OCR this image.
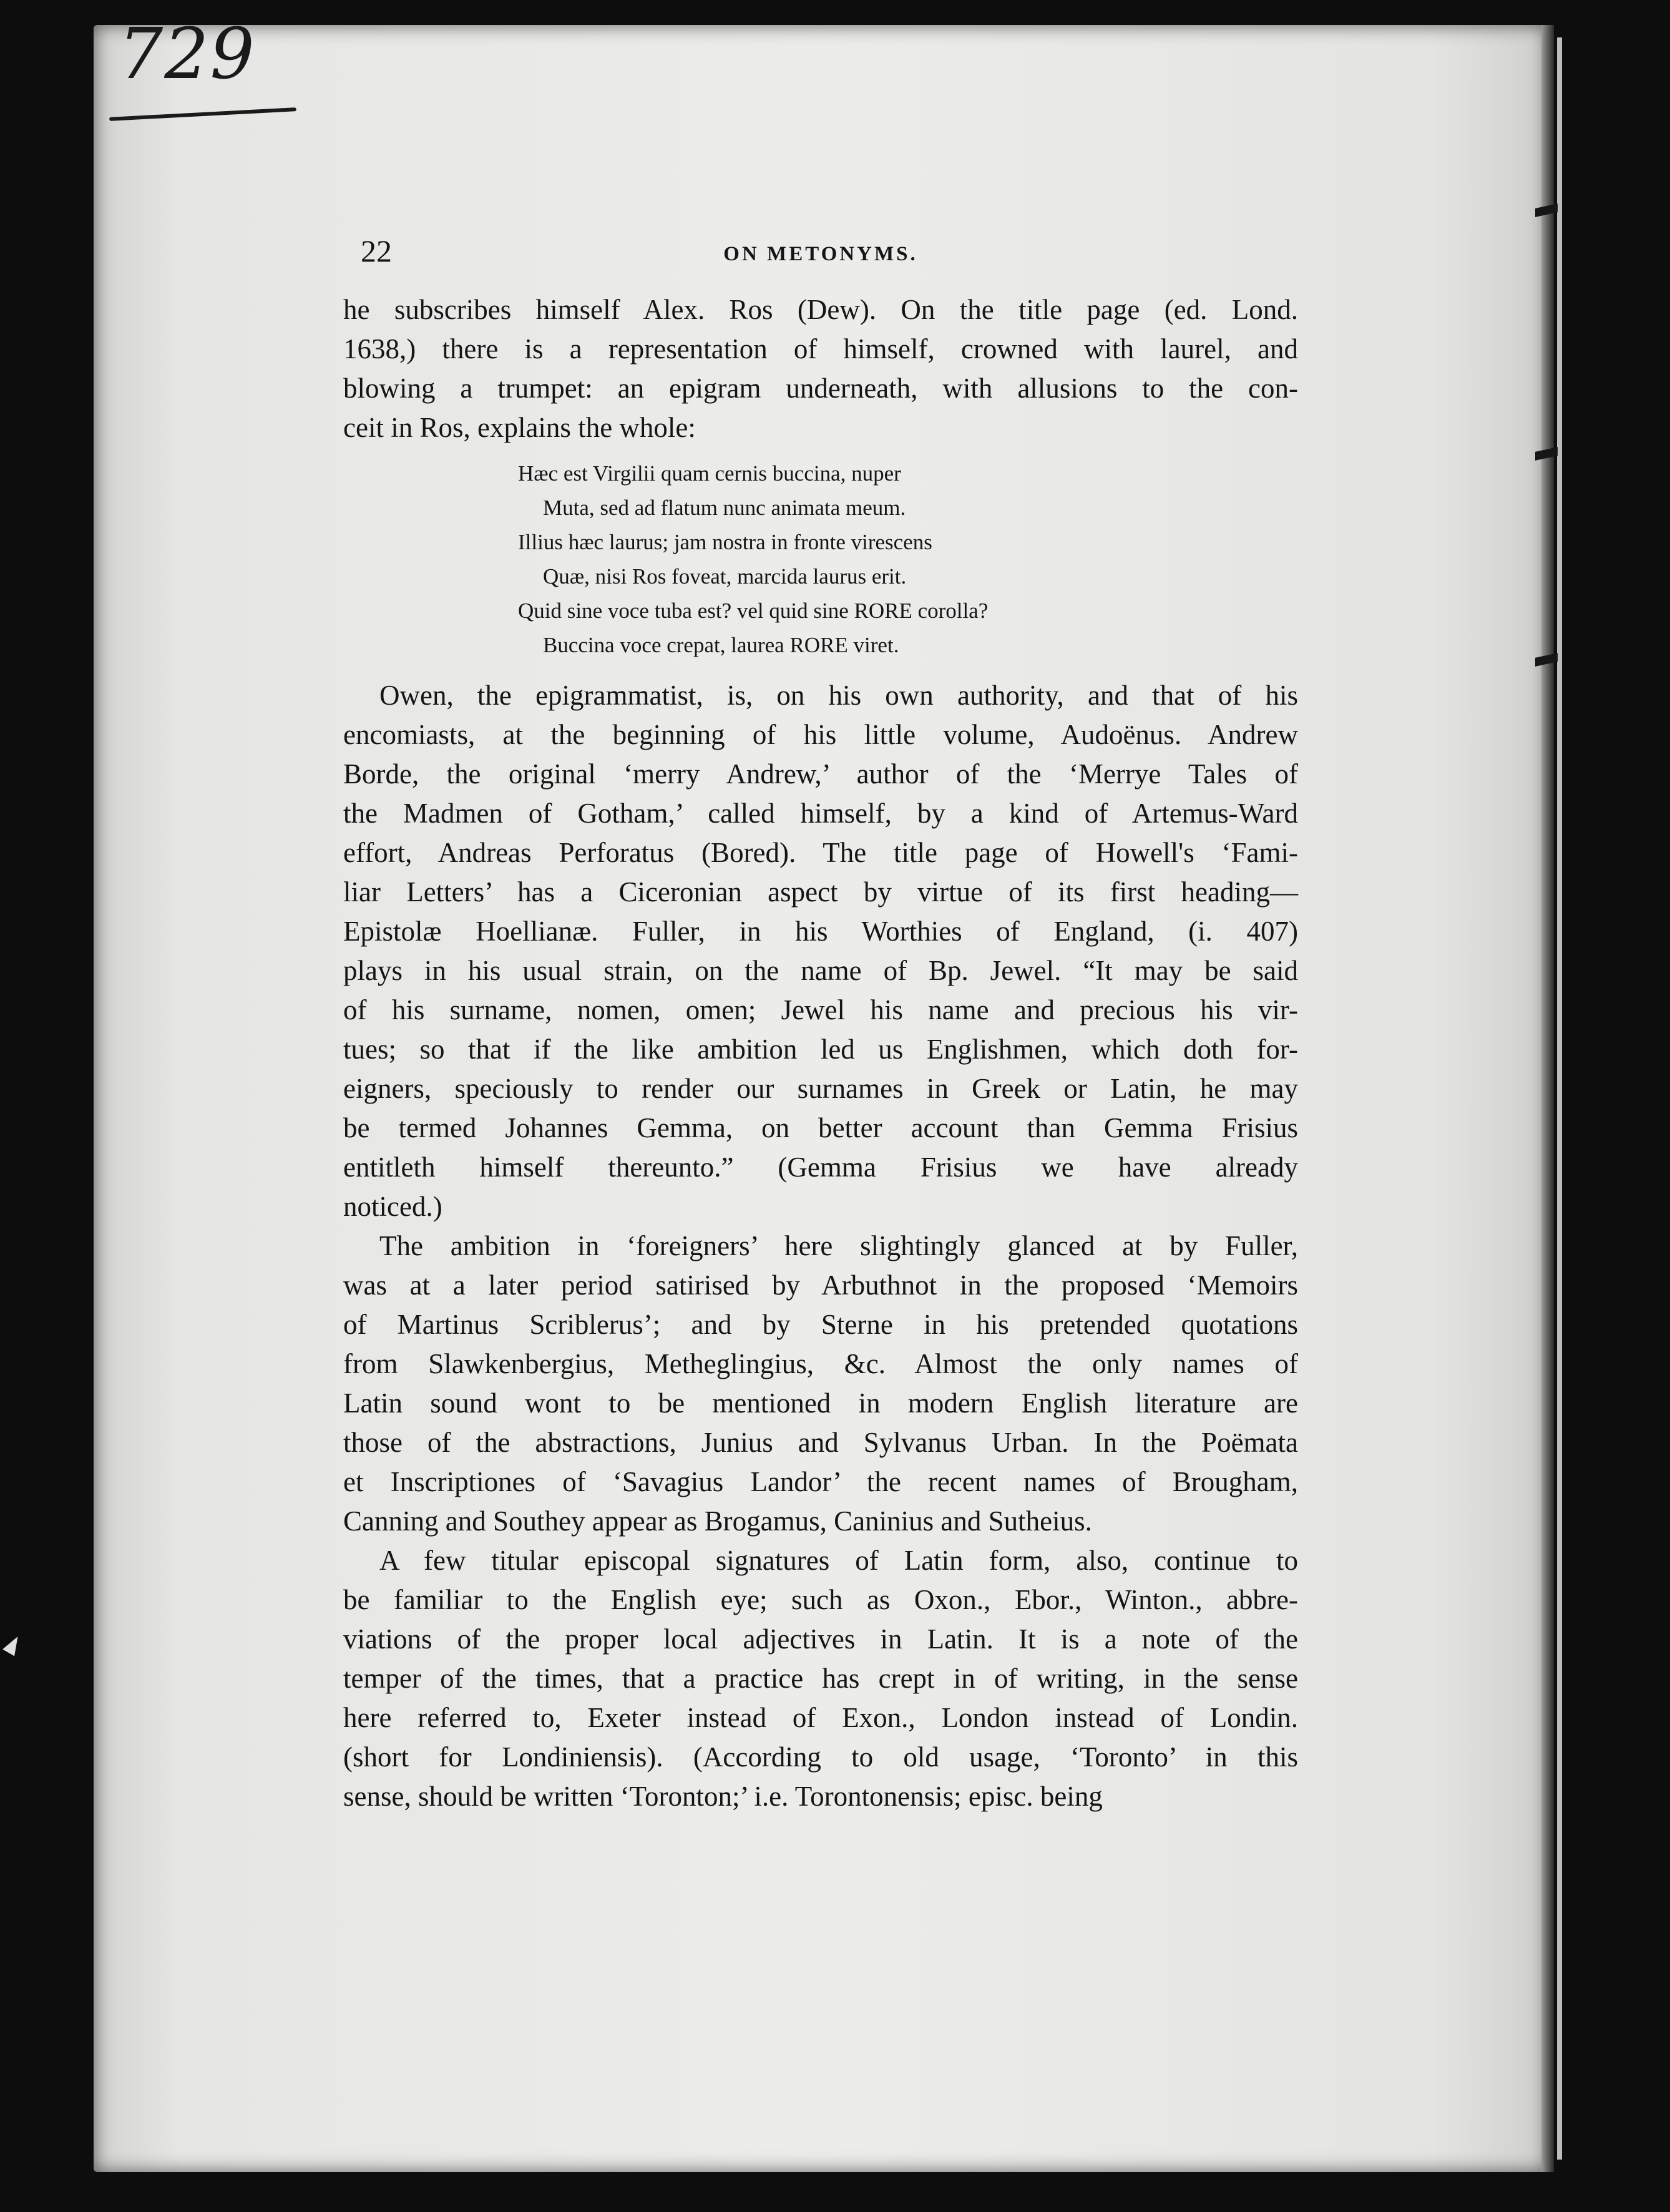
729
22	ON METONYMS.

he subscribes himself Alex. Ros (Dew). On the title page (ed. Lond.
1638,) there is a representation of himself, crowned with laurel, and
blowing a trumpet: an epigram underneath, with allusions to the con-
ceit in Ros, explains the whole:

Hæc est Virgilii quam cernis buccina, nuper
Muta, sed ad flatum nunc animata meum.
Illius hæc laurus; jam nostra in fronte virescens
Quæ, nisi Ros foveat, marcida laurus erit.
Quid sine voce tuba est? vel quid sine RORE corolla?
Buccina voce crepat, laurea RORE viret.

Owen, the epigrammatist, is, on his own authority, and that of his
encomiasts, at the beginning of his little volume, Audoënus. Andrew
Borde, the original ‘merry Andrew,’ author of the ‘Merrye Tales of
the Madmen of Gotham,’ called himself, by a kind of Artemus-Ward
effort, Andreas Perforatus (Bored). The title page of Howell's ‘Fami-
liar Letters’ has a Ciceronian aspect by virtue of its first heading—
Epistolæ Hoellianæ. Fuller, in his Worthies of England, (i. 407)
plays in his usual strain, on the name of Bp. Jewel. “It may be said
of his surname, nomen, omen; Jewel his name and precious his vir-
tues; so that if the like ambition led us Englishmen, which doth for-
eigners, speciously to render our surnames in Greek or Latin, he may
be termed Johannes Gemma, on better account than Gemma Frisius
entitleth himself thereunto.” (Gemma Frisius we have already
noticed.)

The ambition in ‘foreigners’ here slightingly glanced at by Fuller,
was at a later period satirised by Arbuthnot in the proposed ‘Memoirs
of Martinus Scriblerus’; and by Sterne in his pretended quotations
from Slawkenbergius, Metheglingius, &c. Almost the only names of
Latin sound wont to be mentioned in modern English literature are
those of the abstractions, Junius and Sylvanus Urban. In the Poëmata
et Inscriptiones of ‘Savagius Landor’ the recent names of Brougham,
Canning and Southey appear as Brogamus, Caninius and Sutheius.

A few titular episcopal signatures of Latin form, also, continue to
be familiar to the English eye; such as Oxon., Ebor., Winton., abbre-
viations of the proper local adjectives in Latin. It is a note of the
temper of the times, that a practice has crept in of writing, in the sense
here referred to, Exeter instead of Exon., London instead of Londin.
(short for Londiniensis). (According to old usage, ‘Toronto’ in this
sense, should be written ‘Toronton;’ i.e. Torontonensis; episc. being
